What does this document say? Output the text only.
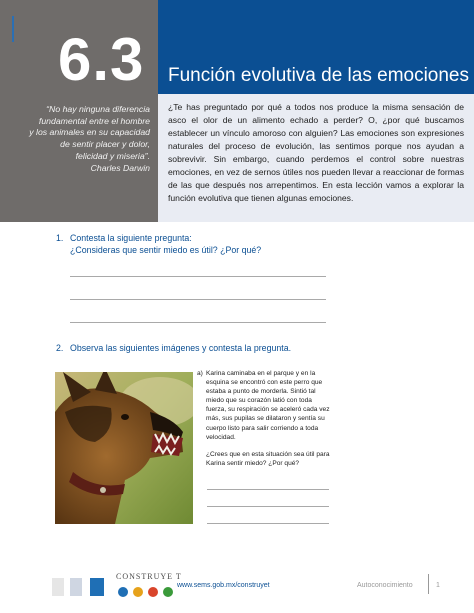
6.3 Función evolutiva de las emociones
“No hay ninguna diferencia
fundamental entre el hombre
y los animales en su capacidad
de sentir placer y dolor,
felicidad y miseria”.
Charles Darwin
¿Te has preguntado por qué a todos nos produce la misma sensación de asco el olor de un alimento echado a perder? O, ¿por qué buscamos establecer un vínculo amoroso con alguien? Las emociones son expresiones naturales del proceso de evolución, las sentimos porque nos ayudan a sobrevivir. Sin embargo, cuando perdemos el control sobre nuestras emociones, en vez de sernos útiles nos pueden llevar a reaccionar de formas de las que después nos arrepentimos. En esta lección vamos a explorar la función evolutiva que tienen algunas emociones.
1. Contesta la siguiente pregunta:
¿Consideras que sentir miedo es útil? ¿Por qué?
2. Observa las siguientes imágenes y contesta la pregunta.
a) Karina caminaba en el parque y en la esquina se encontró con este perro que estaba a punto de morderla. Sintió tal miedo que su corazón latió con toda fuerza, su respiración se aceleró cada vez más, sus pupilas se dilataron y sentía su cuerpo listo para salir corriendo a toda velocidad.
¿Crees que en esta situación sea útil para Karina sentir miedo? ¿Por qué?
CONSTRUYE T
www.sems.gob.mx/construyet	Autoconocimiento	1
